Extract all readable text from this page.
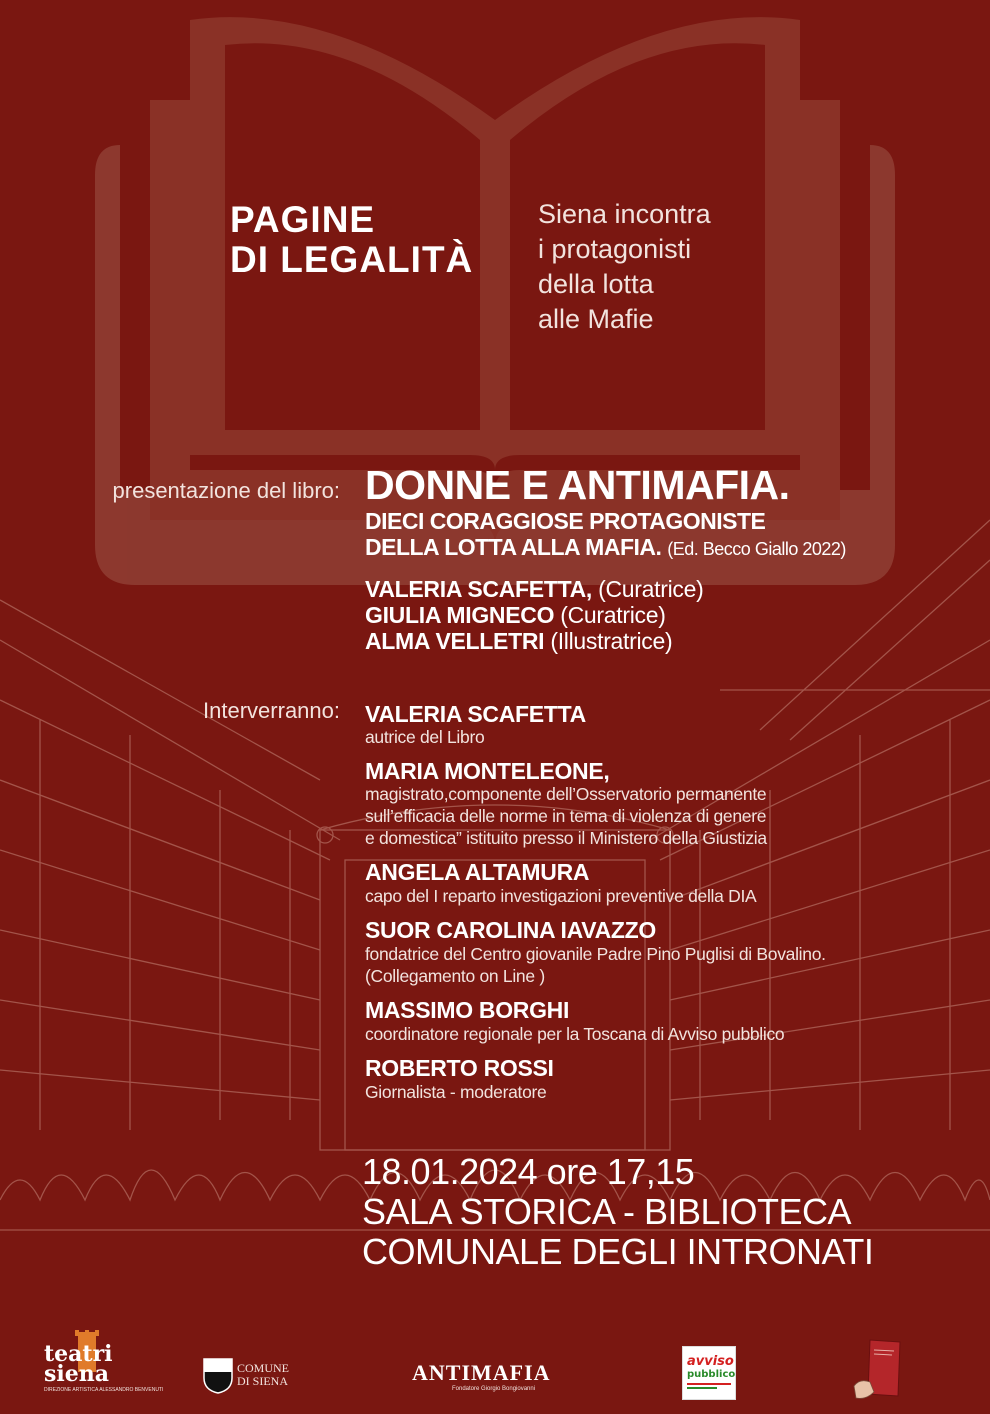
PAGINE
DI LEGALITÀ
Siena incontra
i protagonisti
della lotta
alle Mafie
presentazione del libro: DONNE E ANTIMAFIA.
DIECI CORAGGIOSE PROTAGONISTE
DELLA LOTTA ALLA MAFIA. (Ed. Becco Giallo 2022)
VALERIA SCAFETTA, (Curatrice)
GIULIA MIGNECO (Curatrice)
ALMA VELLETRI (Illustratrice)
Interverranno: VALERIA SCAFETTA
autrice del Libro
MARIA MONTELEONE,
magistrato,componente dell’Osservatorio permanente
sull’efficacia delle norme in tema di violenza di genere
e domestica” istituito presso il Ministero della Giustizia
ANGELA ALTAMURA
capo del I reparto investigazioni preventive della DIA
SUOR CAROLINA IAVAZZO
fondatrice del Centro giovanile Padre Pino Puglisi di Bovalino.
(Collegamento on Line )
MASSIMO BORGHI
coordinatore regionale per la Toscana di Avviso pubblico
ROBERTO ROSSI
Giornalista - moderatore
18.01.2024 ore 17,15
SALA STORICA - BIBLIOTECA
COMUNALE DEGLI INTRONATI
teatri
siena
DIREZIONE ARTISTICA ALESSANDRO BENVENUTI
COMUNE
DI SIENA	ANTIMAFIA
Fondatore Giorgio Bongiovanni
avviso
pubblico
